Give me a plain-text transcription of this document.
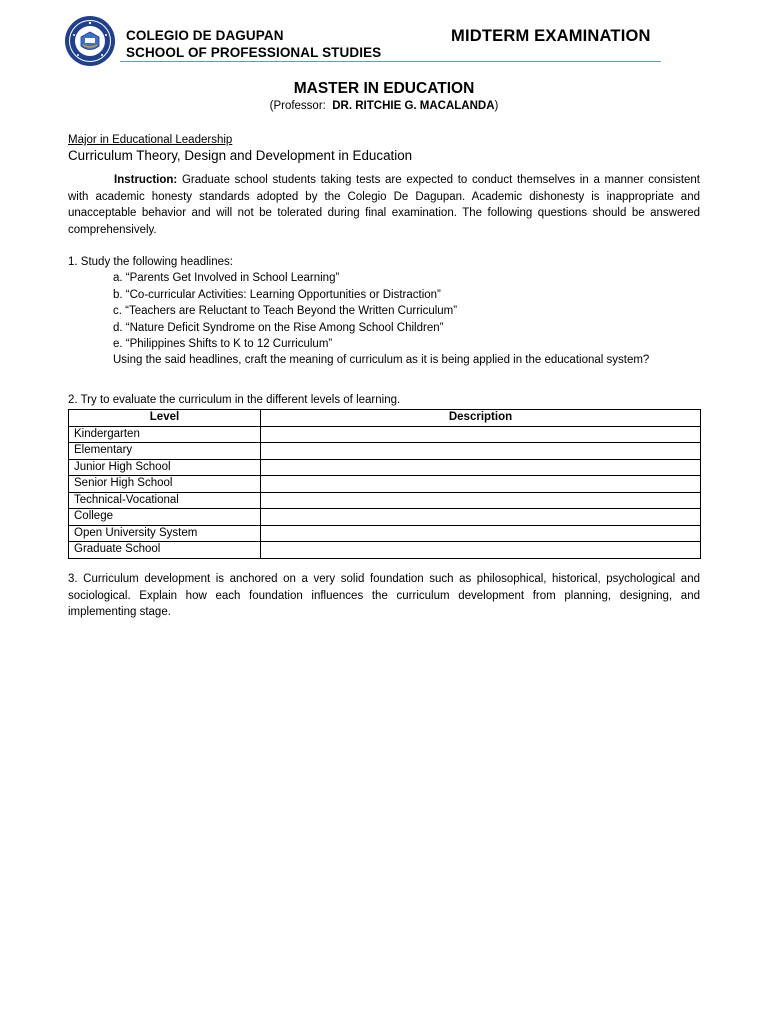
COLEGIO DE DAGUPAN
SCHOOL OF PROFESSIONAL STUDIES
MIDTERM EXAMINATION
MASTER IN EDUCATION
(Professor: DR. RITCHIE G. MACALANDA)
Major in Educational Leadership
Curriculum Theory, Design and Development in Education

Instruction: Graduate school students taking tests are expected to conduct themselves in a manner consistent with academic honesty standards adopted by the Colegio De Dagupan. Academic dishonesty is inappropriate and unacceptable behavior and will not be tolerated during final examination. The following questions should be answered comprehensively.

1. Study the following headlines:

a. “Parents Get Involved in School Learning”
b. “Co-curricular Activities: Learning Opportunities or Distraction”
c. “Teachers are Reluctant to Teach Beyond the Written Curriculum”
d. “Nature Deficit Syndrome on the Rise Among School Children”
e. “Philippines Shifts to K to 12 Curriculum”

Using the said headlines, craft the meaning of curriculum as it is being applied in the educational system?

2. Try to evaluate the curriculum in the different levels of learning.
Level	Description
Kindergarten	
Elementary	
Junior High School	
Senior High School	
Technical-Vocational	
College	
Open University System	
Graduate School	

3. Curriculum development is anchored on a very solid foundation such as philosophical, historical, psychological and sociological. Explain how each foundation influences the curriculum development from planning, designing, and implementing stage.
